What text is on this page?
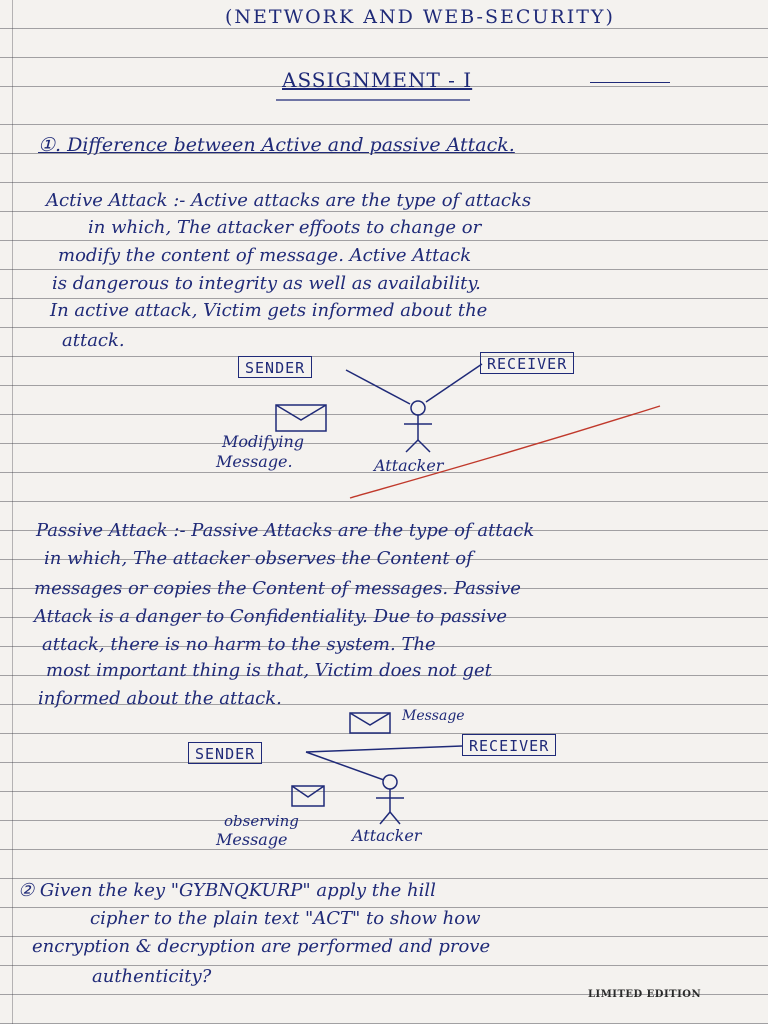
(NETWORK AND WEB-SECURITY)
ASSIGNMENT - I
①. Difference between Active and passive Attack.
Active Attack :- Active attacks are the type of attacks
in which, The attacker effoots to change or
modify the content of message. Active Attack
is dangerous to integrity as well as availability.
In active attack, Victim gets informed about the
attack.
SENDER	RECEIVER
Modifying
Message.	Attacker
Passive Attack :- Passive Attacks are the type of attack
in which, The attacker observes the Content of
messages or copies the Content of messages. Passive
Attack is a danger to Confidentiality. Due to passive
attack, there is no harm to the system. The
most important thing is that, Victim does not get
informed about the attack.
Message
SENDER	RECEIVER
observing
Message	Attacker
② Given the key "GYBNQKURP" apply the hill
cipher to the plain text "ACT" to show how
encryption & decryption are performed and prove
authenticity?
LIMITED EDITION
